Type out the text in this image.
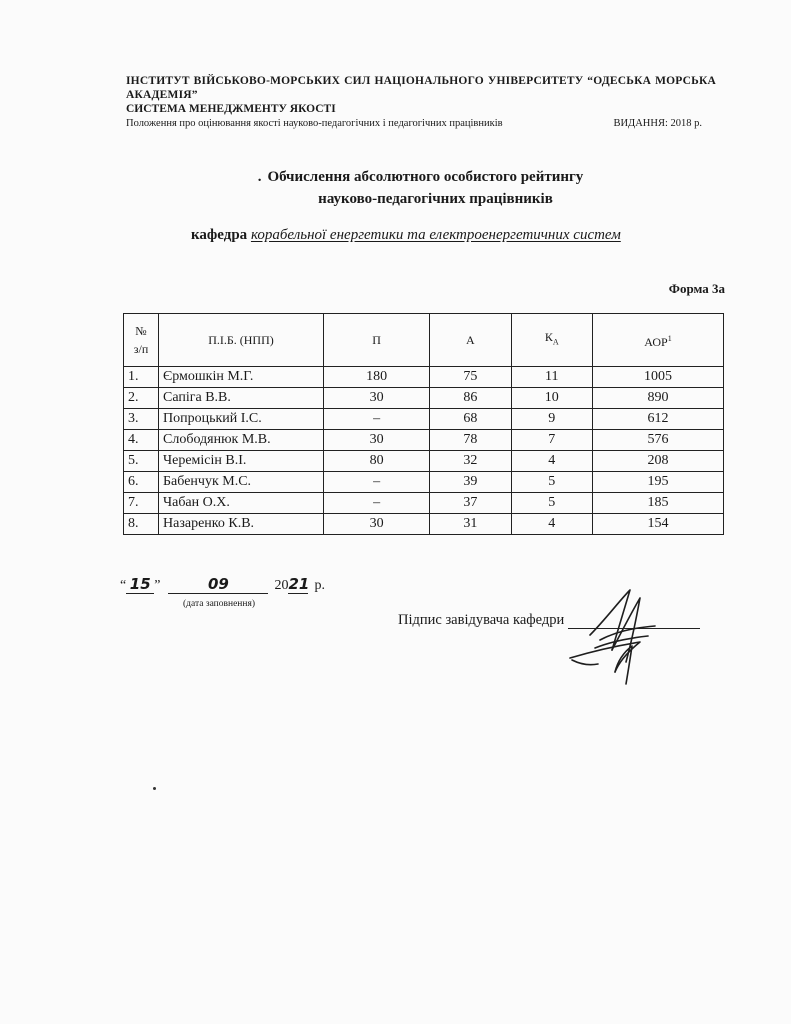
ІНСТИТУТ ВІЙСЬКОВО-МОРСЬКИХ СИЛ НАЦІОНАЛЬНОГО УНІВЕРСИТЕТУ “ОДЕСЬКА МОРСЬКА АКАДЕМІЯ”
СИСТЕМА МЕНЕДЖМЕНТУ ЯКОСТІ
Положення про оцінювання якості науково-педагогічних і педагогічних працівників	ВИДАННЯ: 2018 р.
. Обчислення абсолютного особистого рейтингу
науково-педагогічних працівників
кафедра корабельної енергетики та електроенергетичних систем
Форма 3а
№
з/п	П.І.Б. (НПП)	П	А	$К_А$	АОР$^1$
1.	Єрмошкін М.Г.	180	75	11	1005
2.	Сапіга В.В.	30	86	10	890
3.	Попроцький І.С.	–	68	9	612
4.	Слободянюк М.В.	30	78	7	576
5.	Черемісін В.І.	80	32	4	208
6.	Бабенчук М.С.	–	39	5	195
7.	Чабан О.Х.	–	37	5	185
8.	Назаренко К.В.	30	31	4	154
“ 15 ”	09	20 21 р.
(дата заповнення)
Підпис завідувача кафедри
